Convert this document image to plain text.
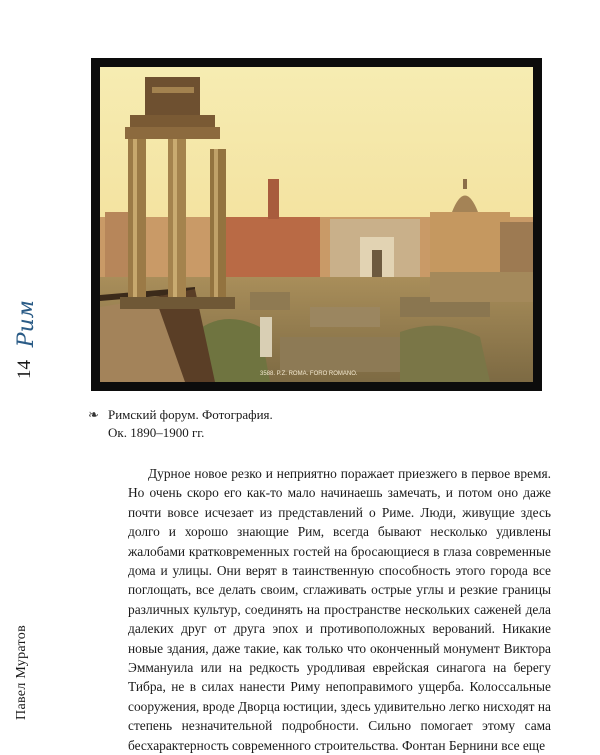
Рим
14
Павел Муратов
3588. P.Z. ROMA. FORO ROMANO.
❧ Римский форум. Фотография.
Ок. 1890–1900 гг.

Дурное новое резко и неприятно поражает приезжего в первое время. Но очень скоро его как-то мало начинаешь замечать, и потом оно даже почти вовсе исчезает из представлений о Риме. Люди, живущие здесь долго и хорошо знающие Рим, всегда бывают несколько удивлены жалобами кратковременных гостей на бросающиеся в глаза современные дома и улицы. Они верят в таинственную способность этого города все поглощать, все делать своим, сглаживать острые углы и резкие границы различных культур, соединять на пространстве нескольких саженей дела далеких друг от друга эпох и противоположных верований. Никакие новые здания, даже такие, как только что оконченный монумент Виктора Эммануила или на редкость уродливая еврейская синагога на берегу Тибра, не в силах нанести Риму непоправимого ущерба. Колоссальные сооружения, вроде Дворца юстиции, здесь удивительно легко нисходят на степень незначительной подробности. Сильно помогает этому сама бесхарактерность современного строительства. Фонтан Бернини все еще
